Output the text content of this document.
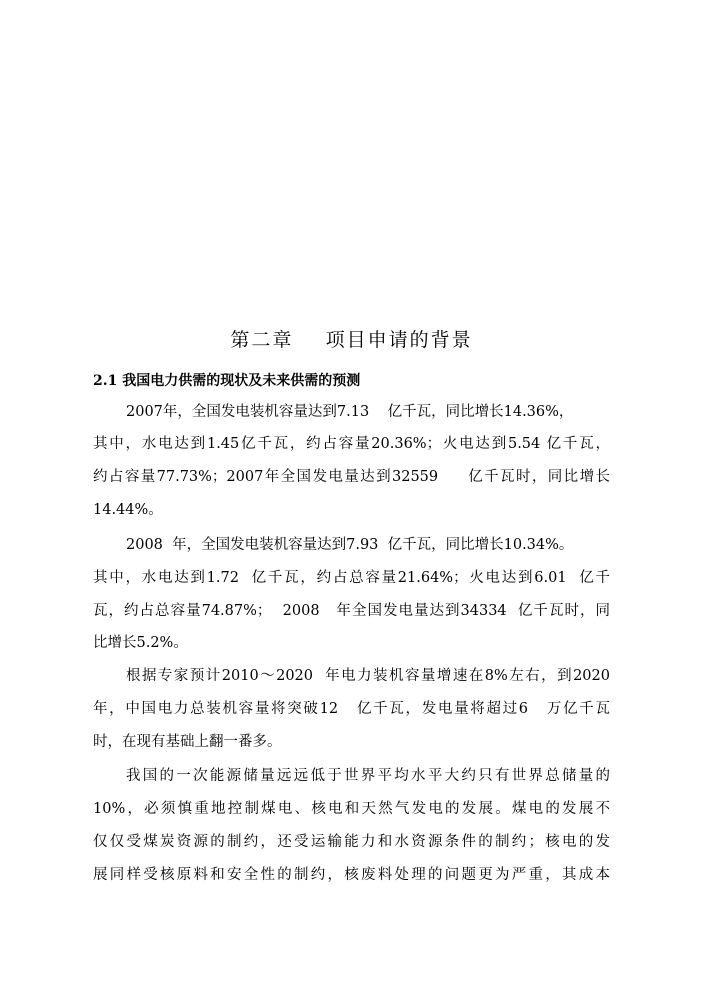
第二章    项目申请的背景
2.1 我国电力供需的现状及未来供需的预测
2007年，全国发电装机容量达到7.13    亿千瓦，同比增长14.36%，
其中，水电达到1.45亿千瓦，约占容量20.36%；火电达到5.54 亿千瓦，
约占容量77.73%；2007年全国发电量达到32559     亿千瓦时，同比增长
14.44%。
2008  年，全国发电装机容量达到7.93  亿千瓦，同比增长10.34%。
其中，水电达到1.72  亿千瓦，约占总容量21.64%；火电达到6.01  亿千
瓦，约占总容量74.87%；  2008   年全国发电量达到34334  亿千瓦时，同
比增长5.2%。
根据专家预计2010～2020  年电力装机容量增速在8%左右，到2020
年，中国电力总装机容量将突破12   亿千瓦，发电量将超过6   万亿千瓦
时，在现有基础上翻一番多。
我国的一次能源储量远远低于世界平均水平大约只有世界总储量的
10%，必须慎重地控制煤电、核电和天然气发电的发展。煤电的发展不
仅仅受煤炭资源的制约，还受运输能力和水资源条件的制约；核电的发
展同样受核原料和安全性的制约，核废料处理的问题更为严重，其成本
